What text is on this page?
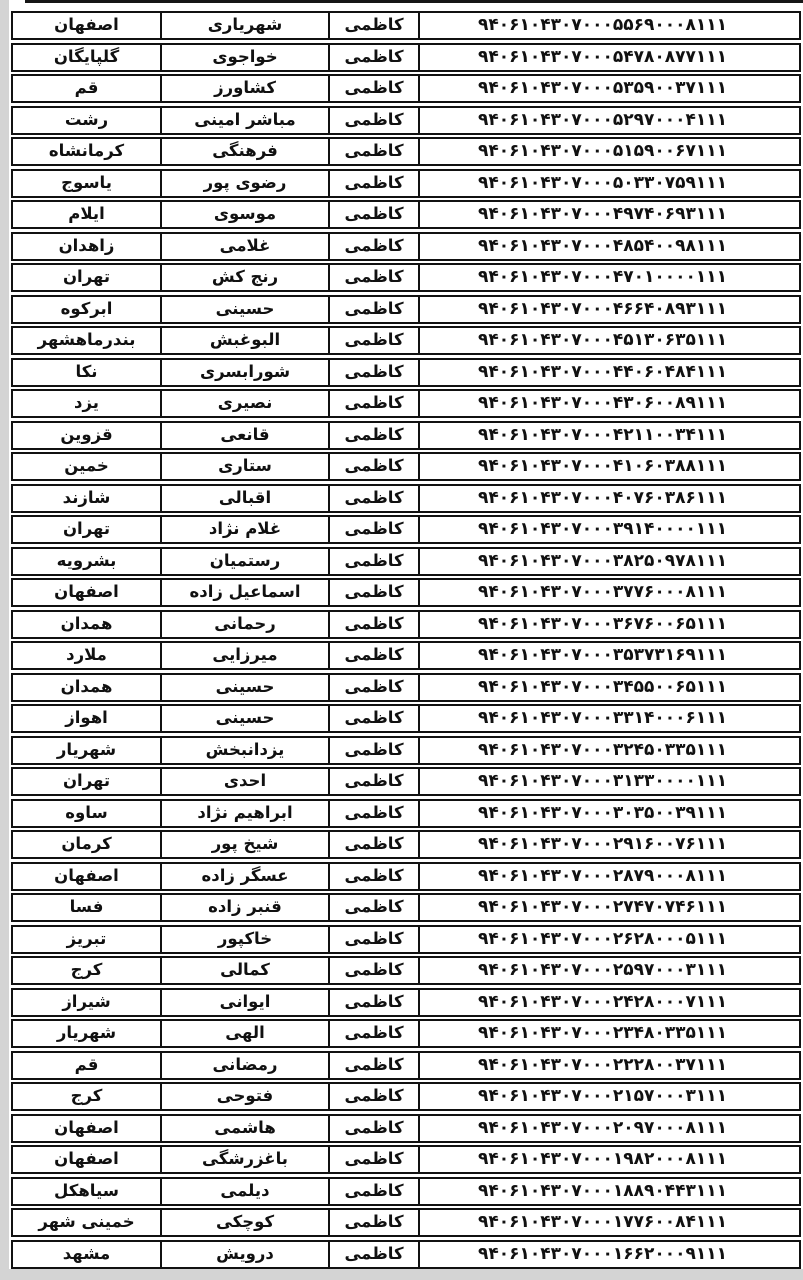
اصفهان	شهریاری	کاظمی	۹۴۰۶۱۰۴۳۰۷۰۰۰۵۵۶۹۰۰۰۸۱۱۱
گلپایگان	خواجوی	کاظمی	۹۴۰۶۱۰۴۳۰۷۰۰۰۵۴۷۸۰۸۷۷۱۱۱
قم	کشاورز	کاظمی	۹۴۰۶۱۰۴۳۰۷۰۰۰۵۳۵۹۰۰۳۷۱۱۱
رشت	مباشر امینی	کاظمی	۹۴۰۶۱۰۴۳۰۷۰۰۰۵۲۹۷۰۰۰۴۱۱۱
کرمانشاه	فرهنگی	کاظمی	۹۴۰۶۱۰۴۳۰۷۰۰۰۵۱۵۹۰۰۶۷۱۱۱
یاسوج	رضوی پور	کاظمی	۹۴۰۶۱۰۴۳۰۷۰۰۰۵۰۳۳۰۷۵۹۱۱۱
ایلام	موسوی	کاظمی	۹۴۰۶۱۰۴۳۰۷۰۰۰۴۹۷۴۰۶۹۳۱۱۱
زاهدان	غلامی	کاظمی	۹۴۰۶۱۰۴۳۰۷۰۰۰۴۸۵۴۰۰۹۸۱۱۱
تهران	رنج کش	کاظمی	۹۴۰۶۱۰۴۳۰۷۰۰۰۴۷۰۱۰۰۰۰۱۱۱
ابرکوه	حسینی	کاظمی	۹۴۰۶۱۰۴۳۰۷۰۰۰۴۶۶۴۰۸۹۳۱۱۱
بندرماهشهر	البوغبش	کاظمی	۹۴۰۶۱۰۴۳۰۷۰۰۰۴۵۱۳۰۶۳۵۱۱۱
نکا	شورابسری	کاظمی	۹۴۰۶۱۰۴۳۰۷۰۰۰۴۴۰۶۰۴۸۴۱۱۱
یزد	نصیری	کاظمی	۹۴۰۶۱۰۴۳۰۷۰۰۰۴۳۰۶۰۰۸۹۱۱۱
قزوین	قانعی	کاظمی	۹۴۰۶۱۰۴۳۰۷۰۰۰۴۲۱۱۰۰۳۴۱۱۱
خمین	ستاری	کاظمی	۹۴۰۶۱۰۴۳۰۷۰۰۰۴۱۰۶۰۳۸۸۱۱۱
شازند	اقبالی	کاظمی	۹۴۰۶۱۰۴۳۰۷۰۰۰۴۰۷۶۰۳۸۶۱۱۱
تهران	غلام نژاد	کاظمی	۹۴۰۶۱۰۴۳۰۷۰۰۰۳۹۱۴۰۰۰۰۱۱۱
بشرویه	رستمیان	کاظمی	۹۴۰۶۱۰۴۳۰۷۰۰۰۳۸۲۵۰۹۷۸۱۱۱
اصفهان	اسماعیل زاده	کاظمی	۹۴۰۶۱۰۴۳۰۷۰۰۰۳۷۷۶۰۰۰۸۱۱۱
همدان	رحمانی	کاظمی	۹۴۰۶۱۰۴۳۰۷۰۰۰۳۶۷۶۰۰۶۵۱۱۱
ملارد	میرزایی	کاظمی	۹۴۰۶۱۰۴۳۰۷۰۰۰۳۵۳۷۳۱۶۹۱۱۱
همدان	حسینی	کاظمی	۹۴۰۶۱۰۴۳۰۷۰۰۰۳۴۵۵۰۰۶۵۱۱۱
اهواز	حسینی	کاظمی	۹۴۰۶۱۰۴۳۰۷۰۰۰۳۳۱۴۰۰۰۶۱۱۱
شهریار	یزدانبخش	کاظمی	۹۴۰۶۱۰۴۳۰۷۰۰۰۳۲۴۵۰۳۳۵۱۱۱
تهران	احدی	کاظمی	۹۴۰۶۱۰۴۳۰۷۰۰۰۳۱۳۳۰۰۰۰۱۱۱
ساوه	ابراهیم نژاد	کاظمی	۹۴۰۶۱۰۴۳۰۷۰۰۰۳۰۳۵۰۰۳۹۱۱۱
کرمان	شیخ پور	کاظمی	۹۴۰۶۱۰۴۳۰۷۰۰۰۲۹۱۶۰۰۷۶۱۱۱
اصفهان	عسگر زاده	کاظمی	۹۴۰۶۱۰۴۳۰۷۰۰۰۲۸۷۹۰۰۰۸۱۱۱
فسا	قنبر زاده	کاظمی	۹۴۰۶۱۰۴۳۰۷۰۰۰۲۷۴۷۰۷۴۶۱۱۱
تبریز	خاکپور	کاظمی	۹۴۰۶۱۰۴۳۰۷۰۰۰۲۶۲۸۰۰۰۵۱۱۱
کرج	کمالی	کاظمی	۹۴۰۶۱۰۴۳۰۷۰۰۰۲۵۹۷۰۰۰۳۱۱۱
شیراز	ایوانی	کاظمی	۹۴۰۶۱۰۴۳۰۷۰۰۰۲۴۲۸۰۰۰۷۱۱۱
شهریار	الهی	کاظمی	۹۴۰۶۱۰۴۳۰۷۰۰۰۲۳۴۸۰۳۳۵۱۱۱
قم	رمضانی	کاظمی	۹۴۰۶۱۰۴۳۰۷۰۰۰۲۲۲۸۰۰۳۷۱۱۱
کرج	فتوحی	کاظمی	۹۴۰۶۱۰۴۳۰۷۰۰۰۲۱۵۷۰۰۰۳۱۱۱
اصفهان	هاشمی	کاظمی	۹۴۰۶۱۰۴۳۰۷۰۰۰۲۰۹۷۰۰۰۸۱۱۱
اصفهان	باغزرشگی	کاظمی	۹۴۰۶۱۰۴۳۰۷۰۰۰۱۹۸۲۰۰۰۸۱۱۱
سیاهکل	دیلمی	کاظمی	۹۴۰۶۱۰۴۳۰۷۰۰۰۱۸۸۹۰۴۴۳۱۱۱
خمینی شهر	کوچکی	کاظمی	۹۴۰۶۱۰۴۳۰۷۰۰۰۱۷۷۶۰۰۸۴۱۱۱
مشهد	درویش	کاظمی	۹۴۰۶۱۰۴۳۰۷۰۰۰۱۶۶۲۰۰۰۹۱۱۱
